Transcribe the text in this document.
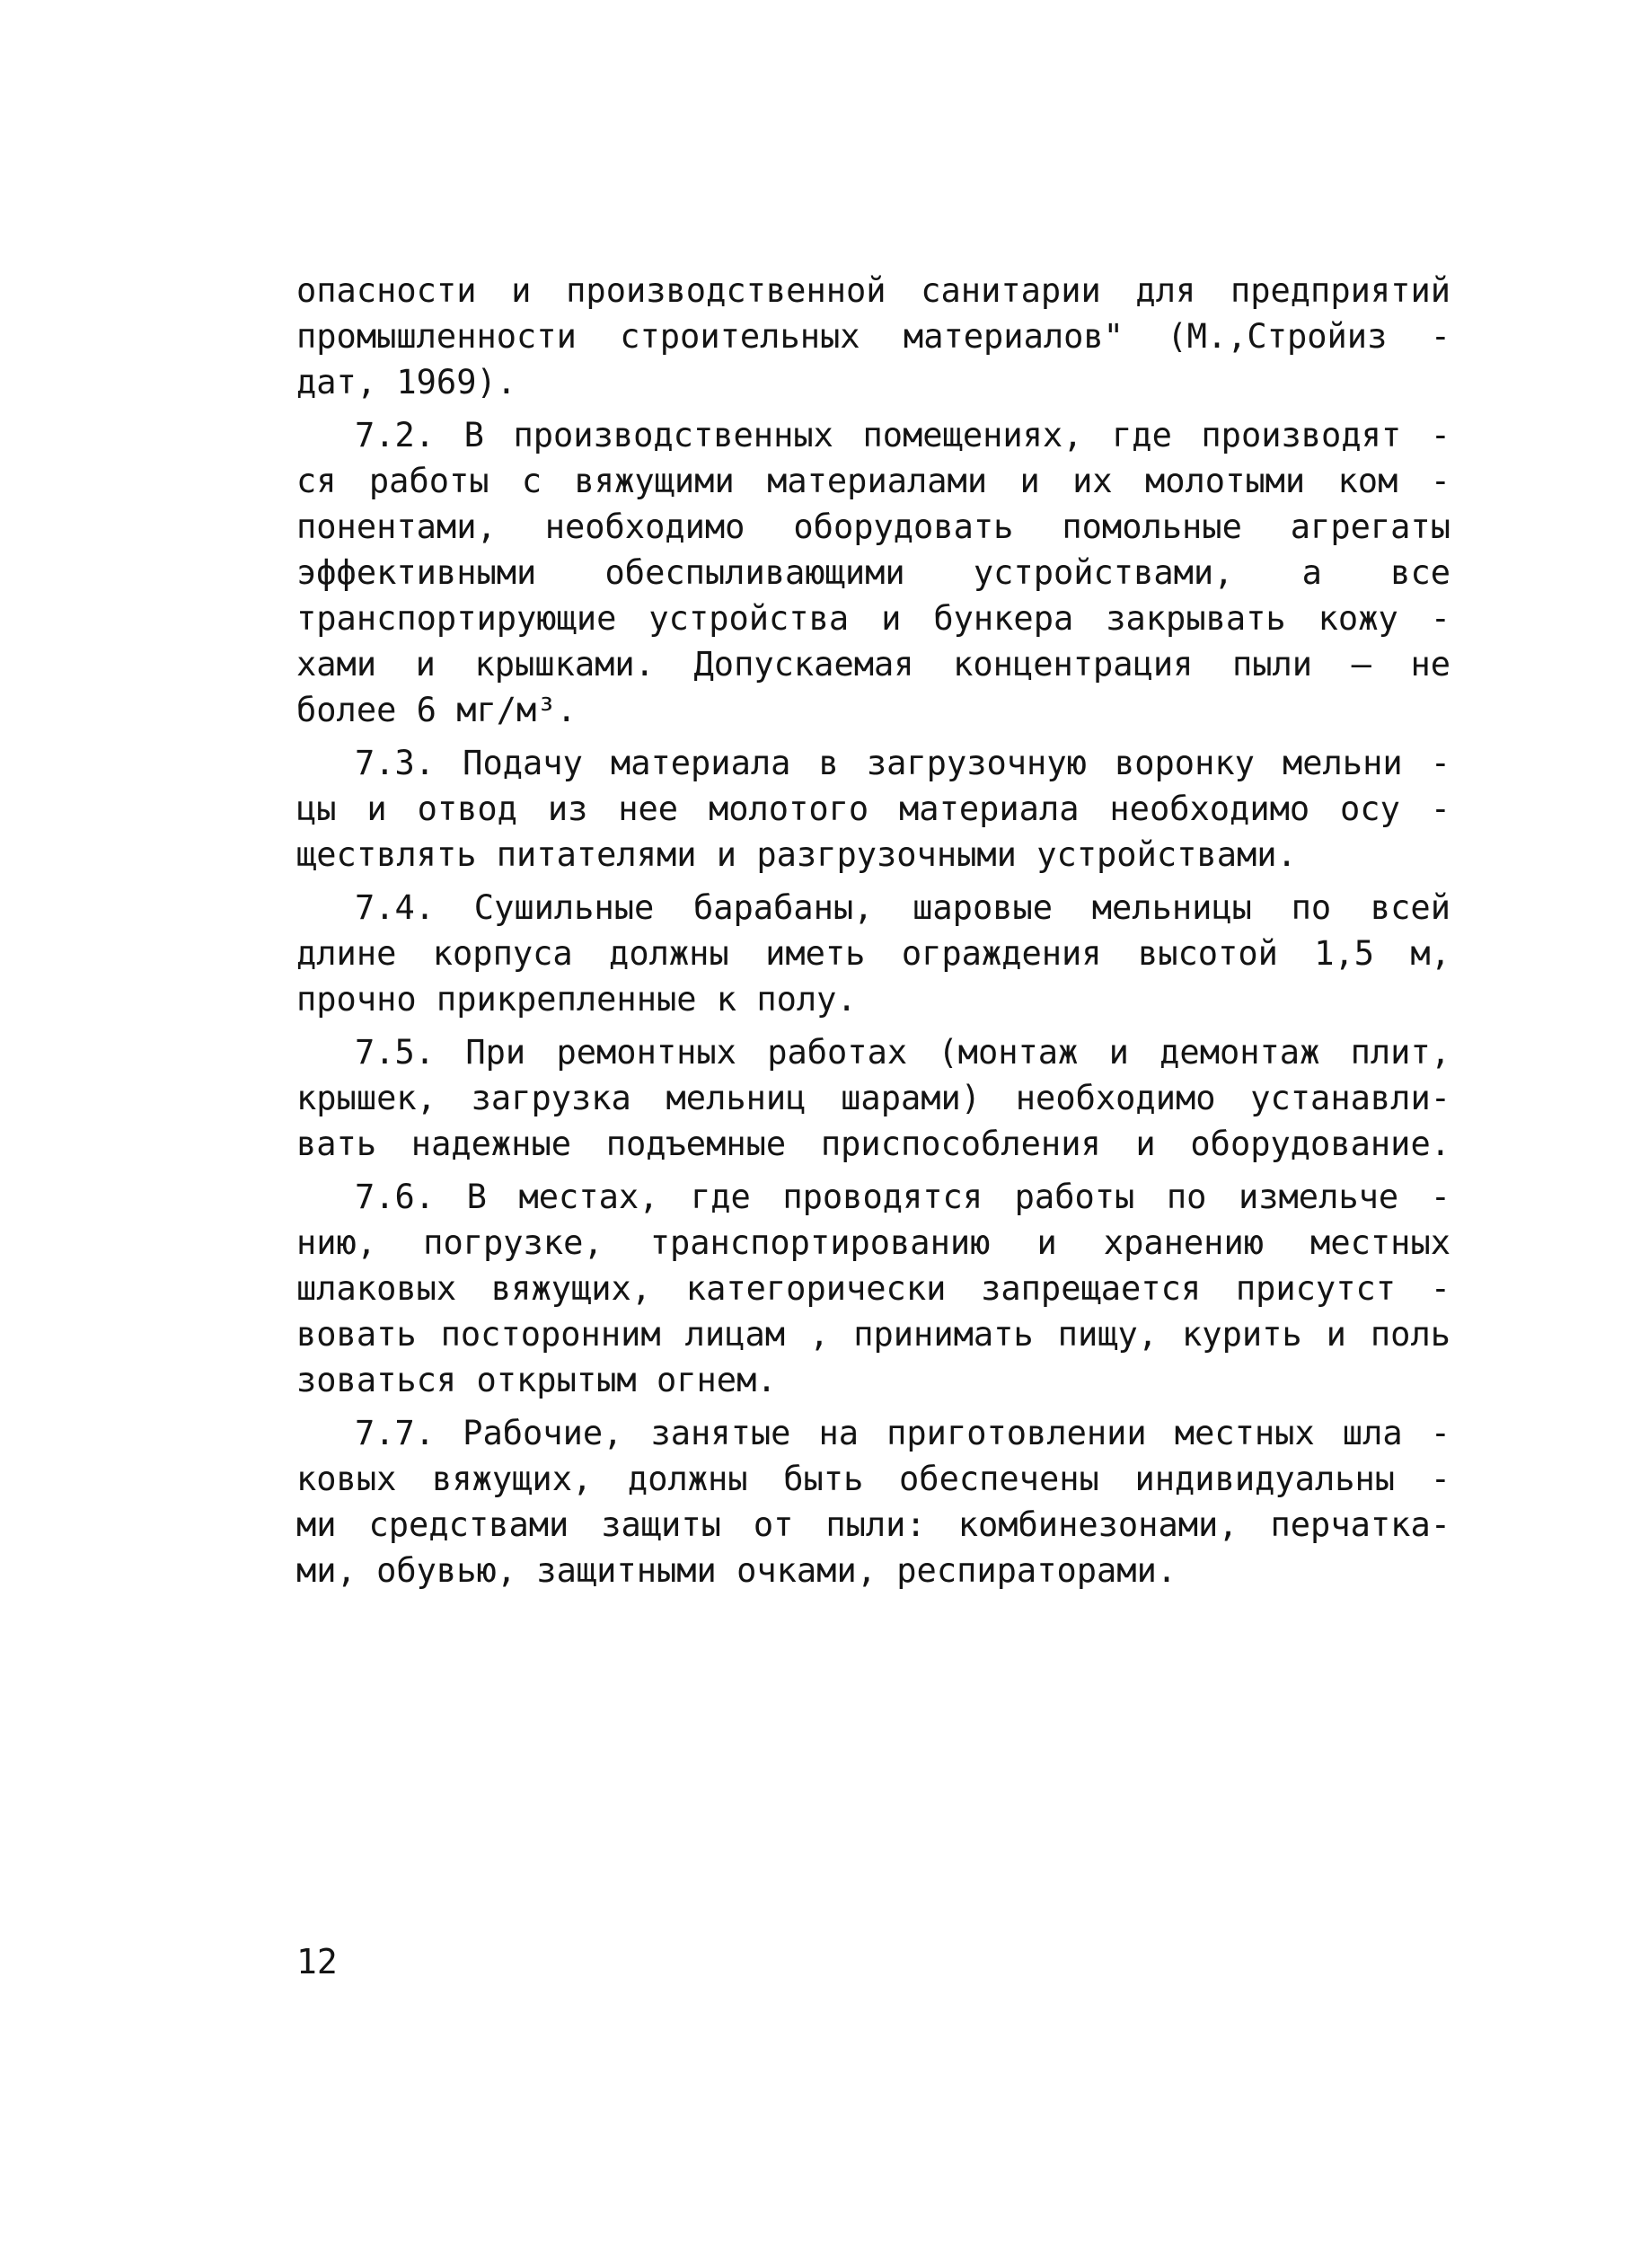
опасности и производственной санитарии для предприятий
промышленности строительных материалов" (М.,Стройиз -
дат, 1969).
7.2. В производственных помещениях, где производят -
ся работы с вяжущими материалами и их молотыми ком -
понентами, необходимо оборудовать помольные агрегаты
эффективными обеспыливающими устройствами, а все
транспортирующие устройства и бункера закрывать кожу -
хами и крышками. Допускаемая концентрация пыли – не
более 6 мг/м³.
7.3. Подачу материала в загрузочную воронку мельни -
цы и отвод из нее молотого материала необходимо осу -
ществлять питателями и разгрузочными устройствами.
7.4. Сушильные барабаны, шаровые мельницы по всей
длине корпуса должны иметь ограждения высотой 1,5 м,
прочно прикрепленные к полу.
7.5. При ремонтных работах (монтаж и демонтаж плит,
крышек, загрузка мельниц шарами) необходимо устанавли-
вать надежные подъемные приспособления и оборудование.
7.6. В местах, где проводятся работы по измельче -
нию, погрузке, транспортированию и хранению местных
шлаковых вяжущих, категорически запрещается присутст -
вовать посторонним лицам , принимать пищу, курить и поль
зоваться открытым огнем.
7.7. Рабочие, занятые на приготовлении местных шла -
ковых вяжущих, должны быть обеспечены индивидуальны -
ми средствами защиты от пыли: комбинезонами, перчатка-
ми, обувью, защитными очками, респираторами.
12
